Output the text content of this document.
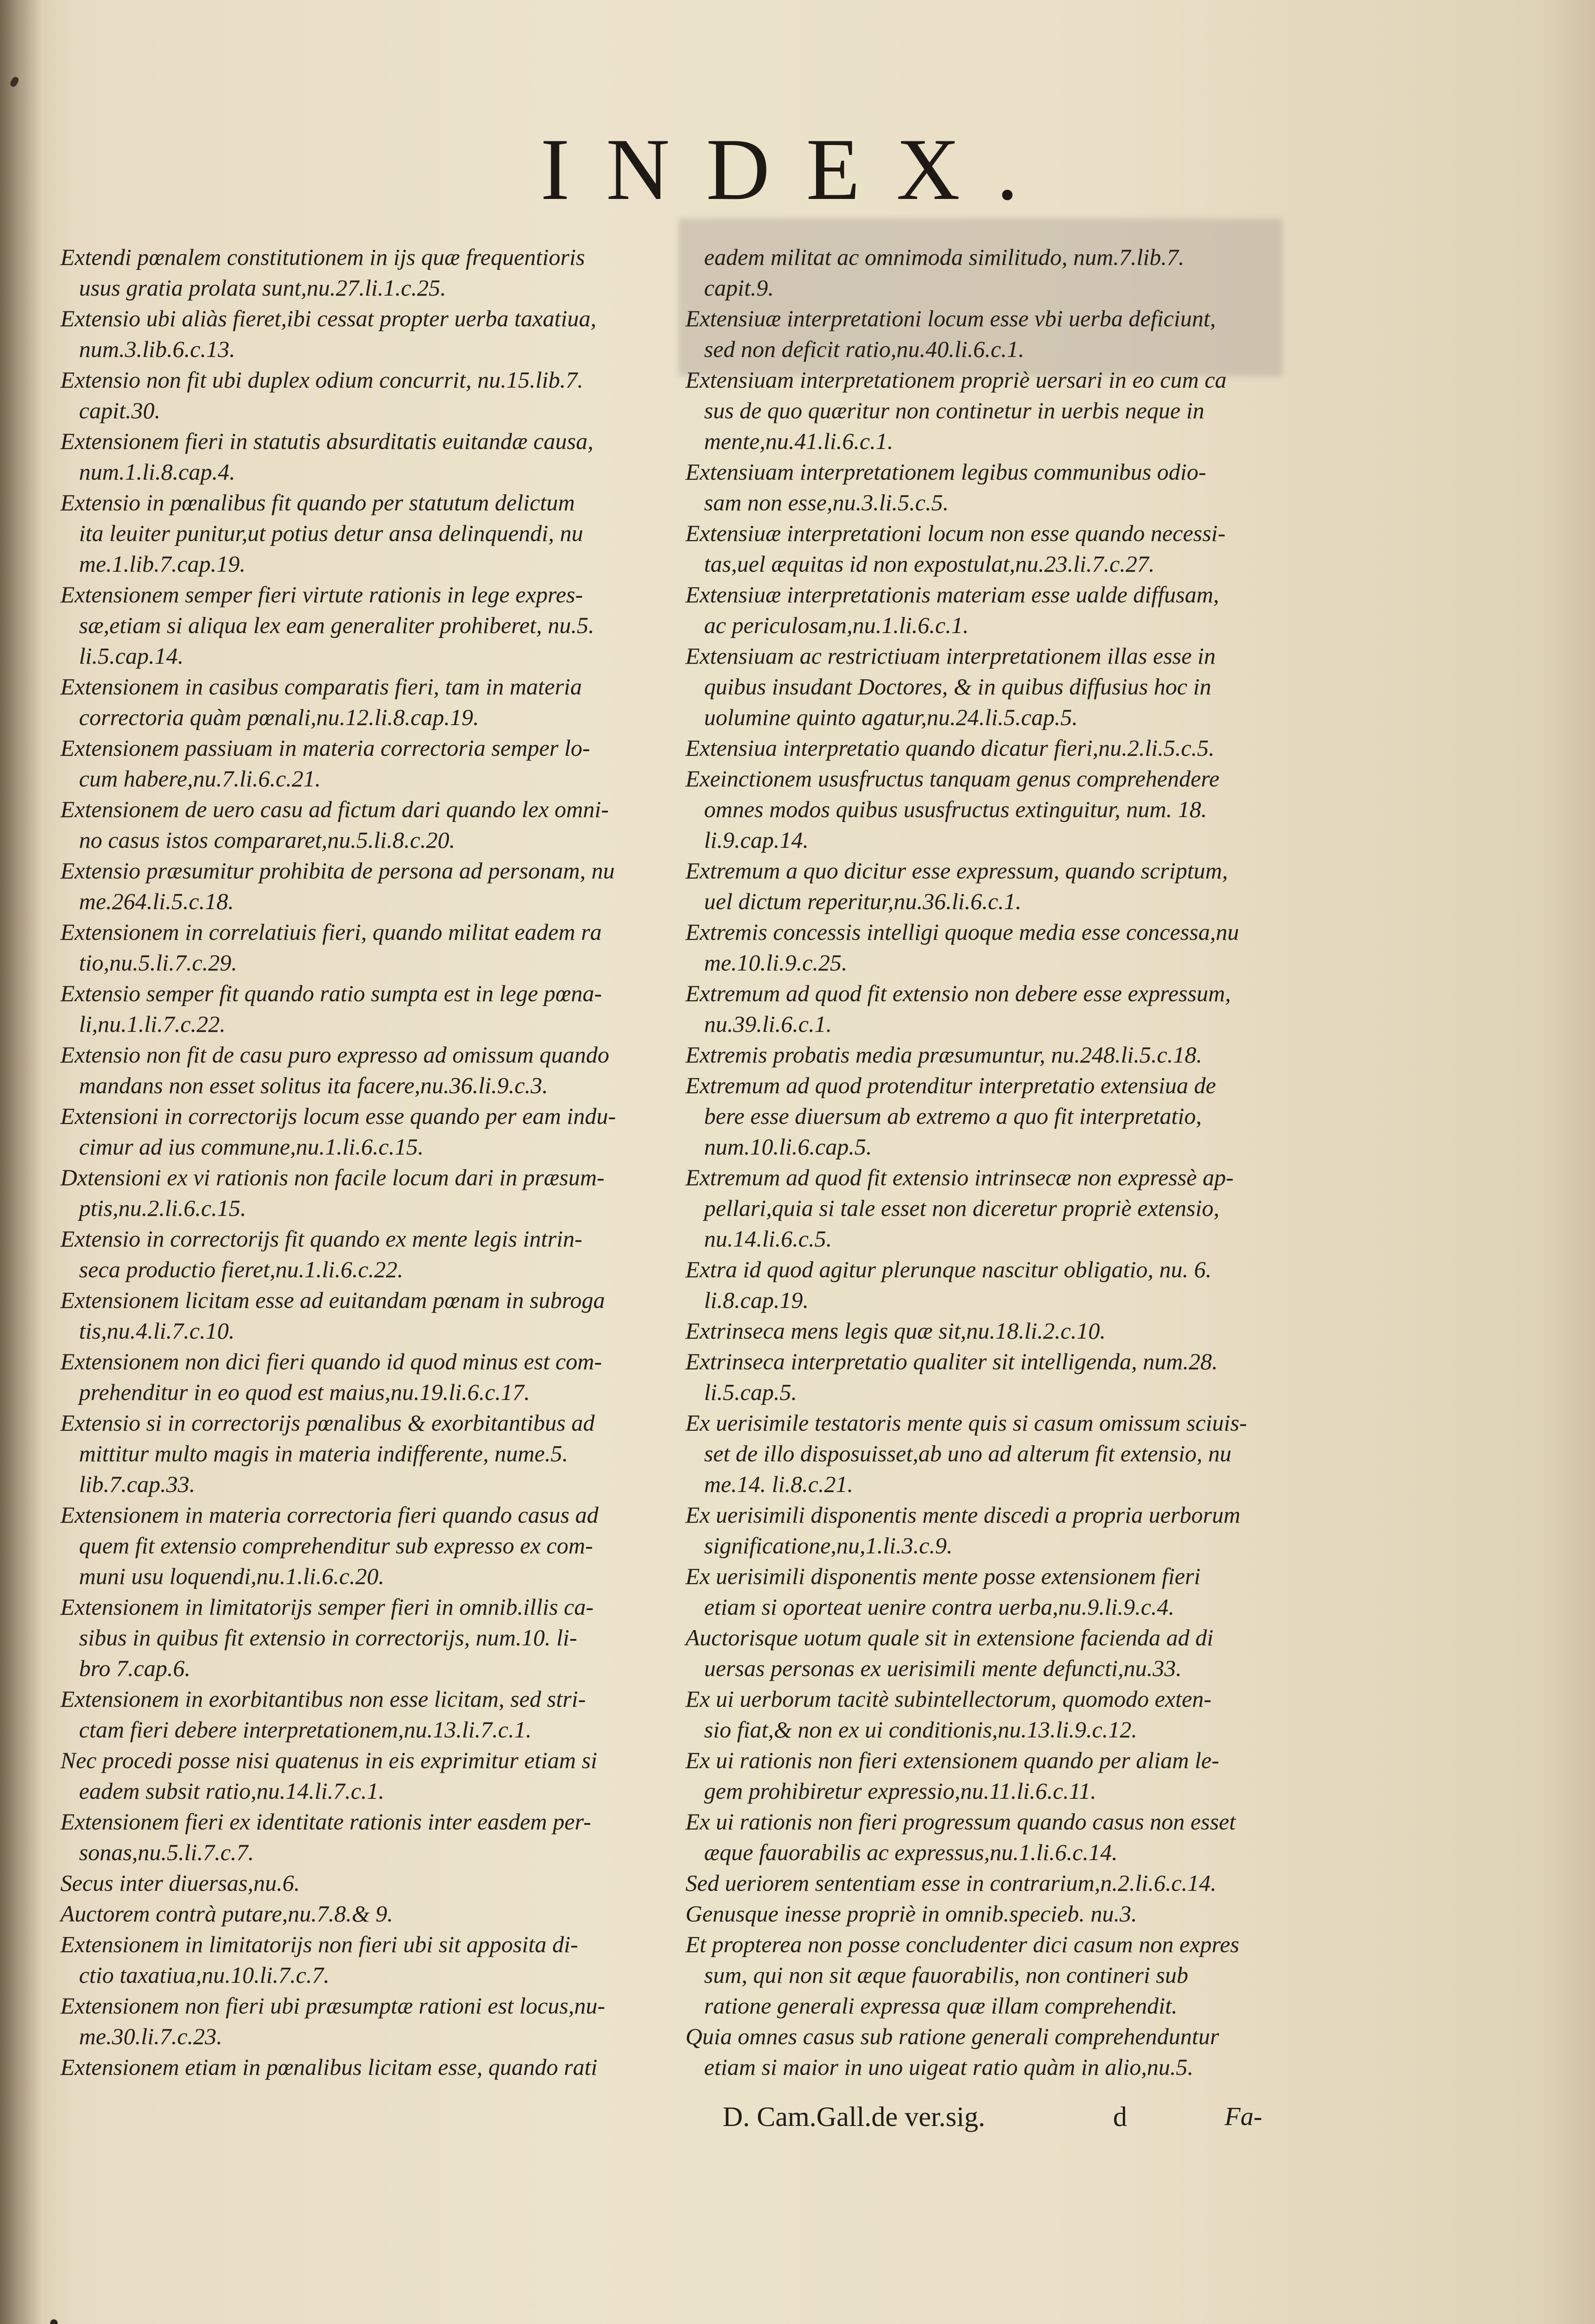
INDEX.
Extendi pœnalem constitutionem in ijs quæ frequentioris
usus gratia prolata sunt,nu.27.li.1.c.25.
Extensio ubi aliàs fieret,ibi cessat propter uerba taxatiua,
num.3.lib.6.c.13.
Extensio non fit ubi duplex odium concurrit, nu.15.lib.7.
capit.30.
Extensionem fieri in statutis absurditatis euitandæ causa,
num.1.li.8.cap.4.
Extensio in pœnalibus fit quando per statutum delictum
ita leuiter punitur,ut potius detur ansa delinquendi, nu
me.1.lib.7.cap.19.
Extensionem semper fieri virtute rationis in lege expres-
sæ,etiam si aliqua lex eam generaliter prohiberet, nu.5.
li.5.cap.14.
Extensionem in casibus comparatis fieri, tam in materia
correctoria quàm pœnali,nu.12.li.8.cap.19.
Extensionem passiuam in materia correctoria semper lo-
cum habere,nu.7.li.6.c.21.
Extensionem de uero casu ad fictum dari quando lex omni-
no casus istos compararet,nu.5.li.8.c.20.
Extensio præsumitur prohibita de persona ad personam, nu
me.264.li.5.c.18.
Extensionem in correlatiuis fieri, quando militat eadem ra
tio,nu.5.li.7.c.29.
Extensio semper fit quando ratio sumpta est in lege pœna-
li,nu.1.li.7.c.22.
Extensio non fit de casu puro expresso ad omissum quando
mandans non esset solitus ita facere,nu.36.li.9.c.3.
Extensioni in correctorijs locum esse quando per eam indu-
cimur ad ius commune,nu.1.li.6.c.15.
Dxtensioni ex vi rationis non facile locum dari in præsum-
ptis,nu.2.li.6.c.15.
Extensio in correctorijs fit quando ex mente legis intrin-
seca productio fieret,nu.1.li.6.c.22.
Extensionem licitam esse ad euitandam pœnam in subroga
tis,nu.4.li.7.c.10.
Extensionem non dici fieri quando id quod minus est com-
prehenditur in eo quod est maius,nu.19.li.6.c.17.
Extensio si in correctorijs pœnalibus & exorbitantibus ad
mittitur multo magis in materia indifferente, nume.5.
lib.7.cap.33.
Extensionem in materia correctoria fieri quando casus ad
quem fit extensio comprehenditur sub expresso ex com-
muni usu loquendi,nu.1.li.6.c.20.
Extensionem in limitatorijs semper fieri in omnib.illis ca-
sibus in quibus fit extensio in correctorijs, num.10. li-
bro 7.cap.6.
Extensionem in exorbitantibus non esse licitam, sed stri-
ctam fieri debere interpretationem,nu.13.li.7.c.1.
Nec procedi posse nisi quatenus in eis exprimitur etiam si
eadem subsit ratio,nu.14.li.7.c.1.
Extensionem fieri ex identitate rationis inter easdem per-
sonas,nu.5.li.7.c.7.
Secus inter diuersas,nu.6.
Auctorem contrà putare,nu.7.8.& 9.
Extensionem in limitatorijs non fieri ubi sit apposita di-
ctio taxatiua,nu.10.li.7.c.7.
Extensionem non fieri ubi præsumptæ rationi est locus,nu-
me.30.li.7.c.23.
Extensionem etiam in pœnalibus licitam esse, quando rati
eadem militat ac omnimoda similitudo, num.7.lib.7.
capit.9.
Extensiuæ interpretationi locum esse vbi uerba deficiunt,
sed non deficit ratio,nu.40.li.6.c.1.
Extensiuam interpretationem propriè uersari in eo cum ca
sus de quo quæritur non continetur in uerbis neque in
mente,nu.41.li.6.c.1.
Extensiuam interpretationem legibus communibus odio-
sam non esse,nu.3.li.5.c.5.
Extensiuæ interpretationi locum non esse quando necessi-
tas,uel æquitas id non expostulat,nu.23.li.7.c.27.
Extensiuæ interpretationis materiam esse ualde diffusam,
ac periculosam,nu.1.li.6.c.1.
Extensiuam ac restrictiuam interpretationem illas esse in
quibus insudant Doctores, & in quibus diffusius hoc in
uolumine quinto agatur,nu.24.li.5.cap.5.
Extensiua interpretatio quando dicatur fieri,nu.2.li.5.c.5.
Exeinctionem ususfructus tanquam genus comprehendere
omnes modos quibus ususfructus extinguitur, num. 18.
li.9.cap.14.
Extremum a quo dicitur esse expressum, quando scriptum,
uel dictum reperitur,nu.36.li.6.c.1.
Extremis concessis intelligi quoque media esse concessa,nu
me.10.li.9.c.25.
Extremum ad quod fit extensio non debere esse expressum,
nu.39.li.6.c.1.
Extremis probatis media præsumuntur, nu.248.li.5.c.18.
Extremum ad quod protenditur interpretatio extensiua de
bere esse diuersum ab extremo a quo fit interpretatio,
num.10.li.6.cap.5.
Extremum ad quod fit extensio intrinsecæ non expressè ap-
pellari,quia si tale esset non diceretur propriè extensio,
nu.14.li.6.c.5.
Extra id quod agitur plerunque nascitur obligatio, nu. 6.
li.8.cap.19.
Extrinseca mens legis quæ sit,nu.18.li.2.c.10.
Extrinseca interpretatio qualiter sit intelligenda, num.28.
li.5.cap.5.
Ex uerisimile testatoris mente quis si casum omissum sciuis-
set de illo disposuisset,ab uno ad alterum fit extensio, nu
me.14. li.8.c.21.
Ex uerisimili disponentis mente discedi a propria uerborum
significatione,nu,1.li.3.c.9.
Ex uerisimili disponentis mente posse extensionem fieri
etiam si oporteat uenire contra uerba,nu.9.li.9.c.4.
Auctorisque uotum quale sit in extensione facienda ad di
uersas personas ex uerisimili mente defuncti,nu.33.
Ex ui uerborum tacitè subintellectorum, quomodo exten-
sio fiat,& non ex ui conditionis,nu.13.li.9.c.12.
Ex ui rationis non fieri extensionem quando per aliam le-
gem prohibiretur expressio,nu.11.li.6.c.11.
Ex ui rationis non fieri progressum quando casus non esset
æque fauorabilis ac expressus,nu.1.li.6.c.14.
Sed ueriorem sententiam esse in contrarium,n.2.li.6.c.14.
Genusque inesse propriè in omnib.specieb. nu.3.
Et propterea non posse concludenter dici casum non expres
sum, qui non sit æque fauorabilis, non contineri sub
ratione generali expressa quæ illam comprehendit.
Quia omnes casus sub ratione generali comprehenduntur
etiam si maior in uno uigeat ratio quàm in alio,nu.5.
D. Cam.Gall.de ver.sig.	d	Fa-
